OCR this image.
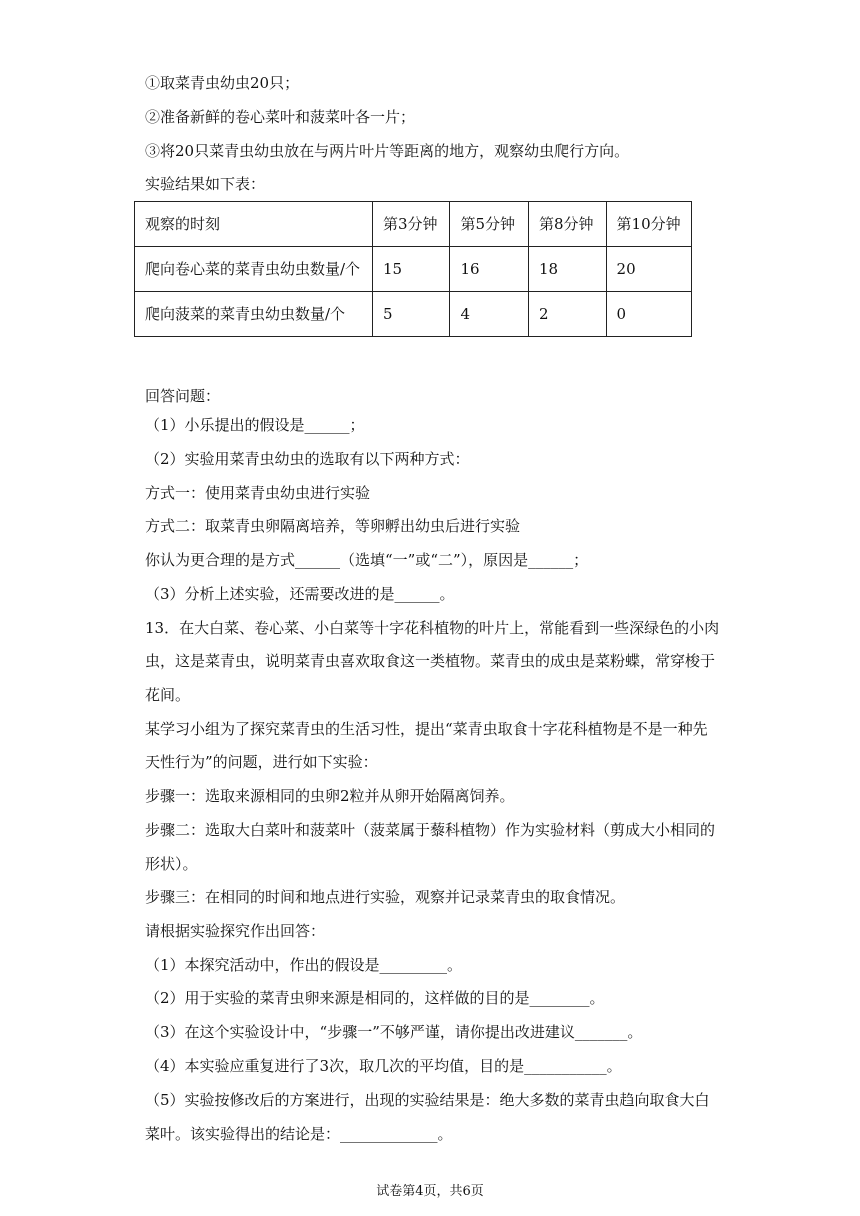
①取菜青虫幼虫20只；
②准备新鲜的卷心菜叶和菠菜叶各一片；
③将20只菜青虫幼虫放在与两片叶片等距离的地方，观察幼虫爬行方向。
实验结果如下表：
观察的时刻	第3分钟	第5分钟	第8分钟	第10分钟
爬向卷心菜的菜青虫幼虫数量/个	15	16	18	20
爬向菠菜的菜青虫幼虫数量/个	5	4	2	0
回答问题：
（1）小乐提出的假设是______；
（2）实验用菜青虫幼虫的选取有以下两种方式：
方式一：使用菜青虫幼虫进行实验
方式二：取菜青虫卵隔离培养，等卵孵出幼虫后进行实验
你认为更合理的是方式______（选填“一”或“二”），原因是______；
（3）分析上述实验，还需要改进的是______。
13．在大白菜、卷心菜、小白菜等十字花科植物的叶片上，常能看到一些深绿色的小肉
虫，这是菜青虫，说明菜青虫喜欢取食这一类植物。菜青虫的成虫是菜粉蝶，常穿梭于
花间。
某学习小组为了探究菜青虫的生活习性，提出“菜青虫取食十字花科植物是不是一种先
天性行为”的问题，进行如下实验：
步骤一：选取来源相同的虫卵2粒并从卵开始隔离饲养。
步骤二：选取大白菜叶和菠菜叶（菠菜属于藜科植物）作为实验材料（剪成大小相同的
形状）。
步骤三：在相同的时间和地点进行实验，观察并记录菜青虫的取食情况。
请根据实验探究作出回答：
（1）本探究活动中，作出的假设是_________。
（2）用于实验的菜青虫卵来源是相同的，这样做的目的是________。
（3）在这个实验设计中，“步骤一”不够严谨，请你提出改进建议_______。
（4）本实验应重复进行了3次，取几次的平均值，目的是___________。
（5）实验按修改后的方案进行，出现的实验结果是：绝大多数的菜青虫趋向取食大白
菜叶。该实验得出的结论是：_____________。
试卷第4页，共6页
